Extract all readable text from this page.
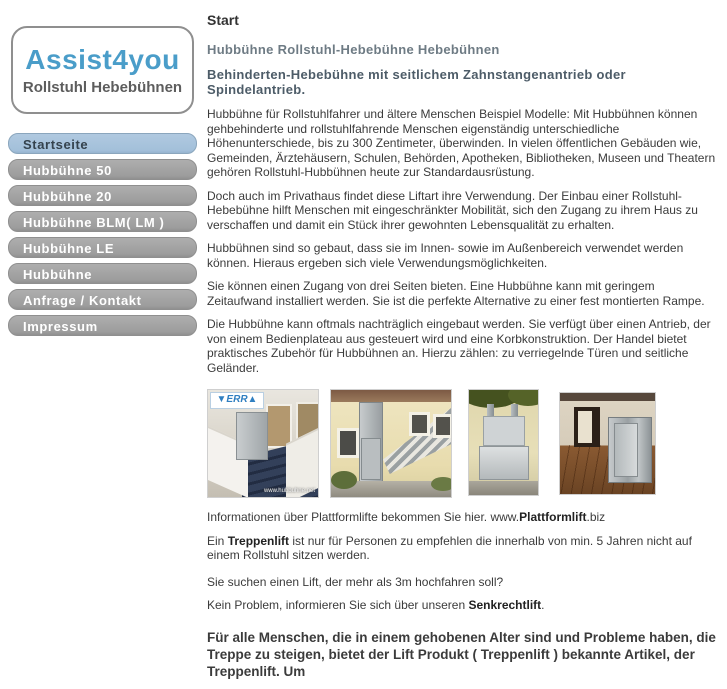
Assist4you
Rollstuhl Hebebühnen
Startseite
Hubbühne 50
Hubbühne 20
Hubbühne BLM( LM )
Hubbühne LE
Hubbühne
Anfrage / Kontakt
Impressum
Start
Hubbühne Rollstuhl-Hebebühne Hebebühnen
Behinderten-Hebebühne mit seitlichem Zahnstangenantrieb oder Spindelantrieb.

Hubbühne für Rollstuhlfahrer und ältere Menschen Beispiel Modelle: Mit Hubbühnen können gehbehinderte und rollstuhlfahrende Menschen eigenständig unterschiedliche Höhenunterschiede, bis zu 300 Zentimeter, überwinden. In vielen öffentlichen Gebäuden wie, Gemeinden, Ärztehäusern, Schulen, Behörden, Apotheken, Bibliotheken, Museen und Theatern gehören Rollstuhl-Hubbühnen heute zur Standardausrüstung.

Doch auch im Privathaus findet diese Liftart ihre Verwendung. Der Einbau einer Rollstuhl-Hebebühne hilft Menschen mit eingeschränkter Mobilität, sich den Zugang zu ihrem Haus zu verschaffen und damit ein Stück ihrer gewohnten Lebensqualität zu erhalten.

Hubbühnen sind so gebaut, dass sie im Innen- sowie im Außenbereich verwendet werden können. Hieraus ergeben sich viele Verwendungsmöglichkeiten.

Sie können einen Zugang von drei Seiten bieten. Eine Hubbühne kann mit geringem Zeitaufwand installiert werden. Sie ist die perfekte Alternative zu einer fest montierten Rampe.

Die Hubbühne kann oftmals nachträglich eingebaut werden. Sie verfügt über einen Antrieb, der von einem Bedienplateau aus gesteuert wird und eine Korbkonstruktion. Der Handel bietet praktisches Zubehör für Hubbühnen an. Hierzu zählen: zu verriegelnde Türen und seitliche Geländer.

▼ERR▲
www.hubbuhne.net

Informationen über Plattformlifte bekommen Sie hier. www.Plattformlift.biz

Ein Treppenlift ist nur für Personen zu empfehlen die innerhalb von min. 5 Jahren nicht auf einem Rollstuhl sitzen werden.

Sie suchen einen Lift, der mehr als 3m hochfahren soll?

Kein Problem, informieren Sie sich über unseren Senkrechtlift.

Für alle Menschen, die in einem gehobenen Alter sind und Probleme haben, die Treppe zu steigen, bietet der Lift Produkt ( Treppenlift ) bekannte Artikel, der Treppenlift. Um
